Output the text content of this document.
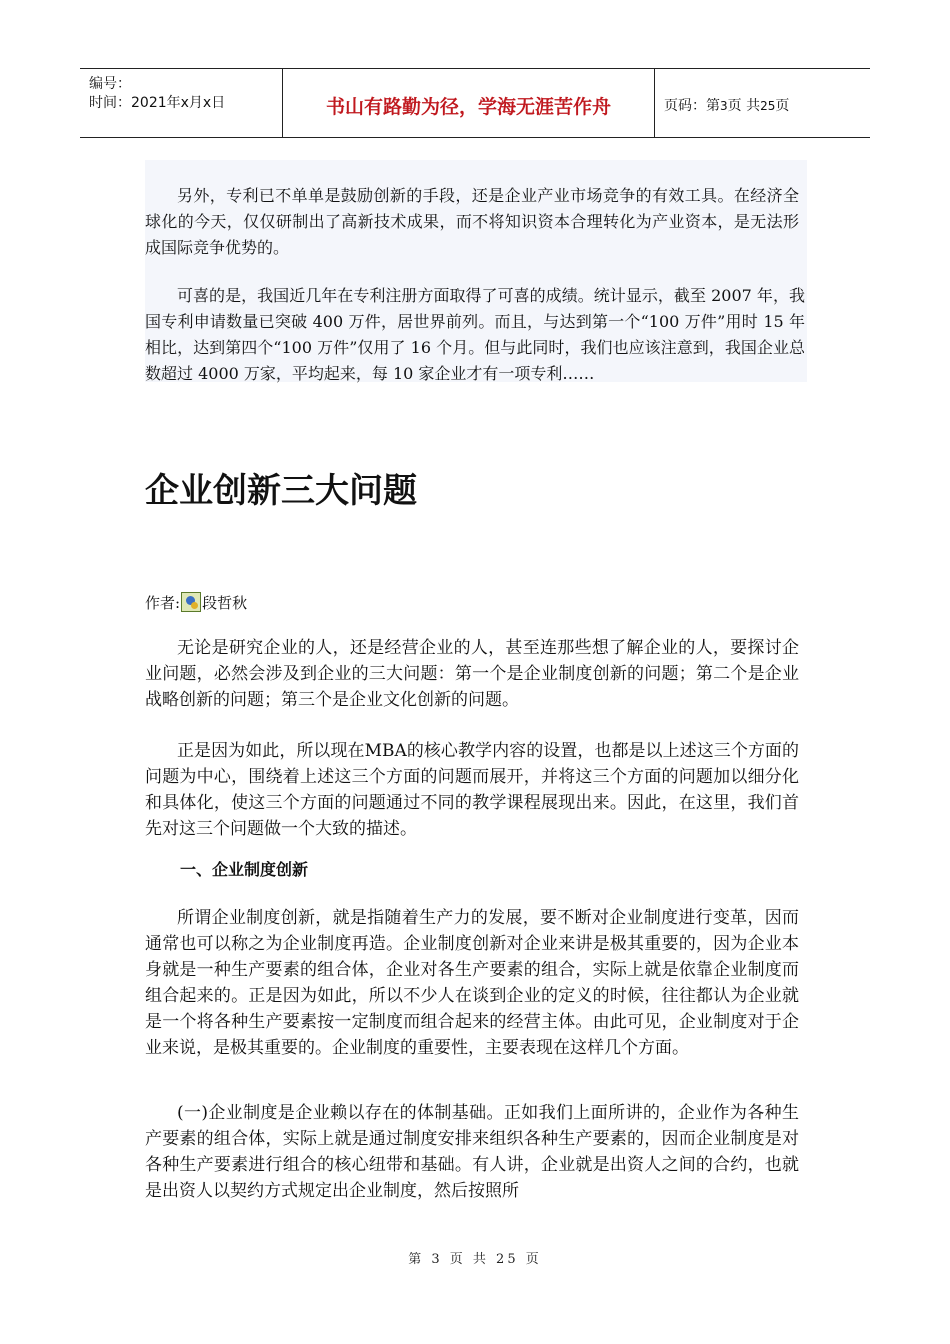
编号：
时间：2021年x月x日	书山有路勤为径，学海无涯苦作舟	页码：第3页 共25页
另外，专利已不单单是鼓励创新的手段，还是企业产业市场竞争的有效工具。在经济全球化的今天，仅仅研制出了高新技术成果，而不将知识资本合理转化为产业资本，是无法形成国际竞争优势的。
可喜的是，我国近几年在专利注册方面取得了可喜的成绩。统计显示，截至 2007 年，我国专利申请数量已突破 400 万件，居世界前列。而且，与达到第一个“100 万件”用时 15 年相比，达到第四个“100 万件”仅用了 16 个月。但与此同时，我们也应该注意到，我国企业总数超过 4000 万家，平均起来，每 10 家企业才有一项专利……
企业创新三大问题
作者: 段哲秋
无论是研究企业的人，还是经营企业的人，甚至连那些想了解企业的人，要探讨企业问题，必然会涉及到企业的三大问题：第一个是企业制度创新的问题；第二个是企业战略创新的问题；第三个是企业文化创新的问题。
正是因为如此，所以现在MBA的核心教学内容的设置，也都是以上述这三个方面的问题为中心，围绕着上述这三个方面的问题而展开，并将这三个方面的问题加以细分化和具体化，使这三个方面的问题通过不同的教学课程展现出来。因此，在这里，我们首先对这三个问题做一个大致的描述。
一、企业制度创新
所谓企业制度创新，就是指随着生产力的发展，要不断对企业制度进行变革，因而通常也可以称之为企业制度再造。企业制度创新对企业来讲是极其重要的，因为企业本身就是一种生产要素的组合体，企业对各生产要素的组合，实际上就是依靠企业制度而组合起来的。正是因为如此，所以不少人在谈到企业的定义的时候，往往都认为企业就是一个将各种生产要素按一定制度而组合起来的经营主体。由此可见，企业制度对于企业来说，是极其重要的。企业制度的重要性，主要表现在这样几个方面。
(一)企业制度是企业赖以存在的体制基础。正如我们上面所讲的，企业作为各种生产要素的组合体，实际上就是通过制度安排来组织各种生产要素的，因而企业制度是对各种生产要素进行组合的核心纽带和基础。有人讲，企业就是出资人之间的合约，也就是出资人以契约方式规定出企业制度，然后按照所
第 3 页 共 25 页
